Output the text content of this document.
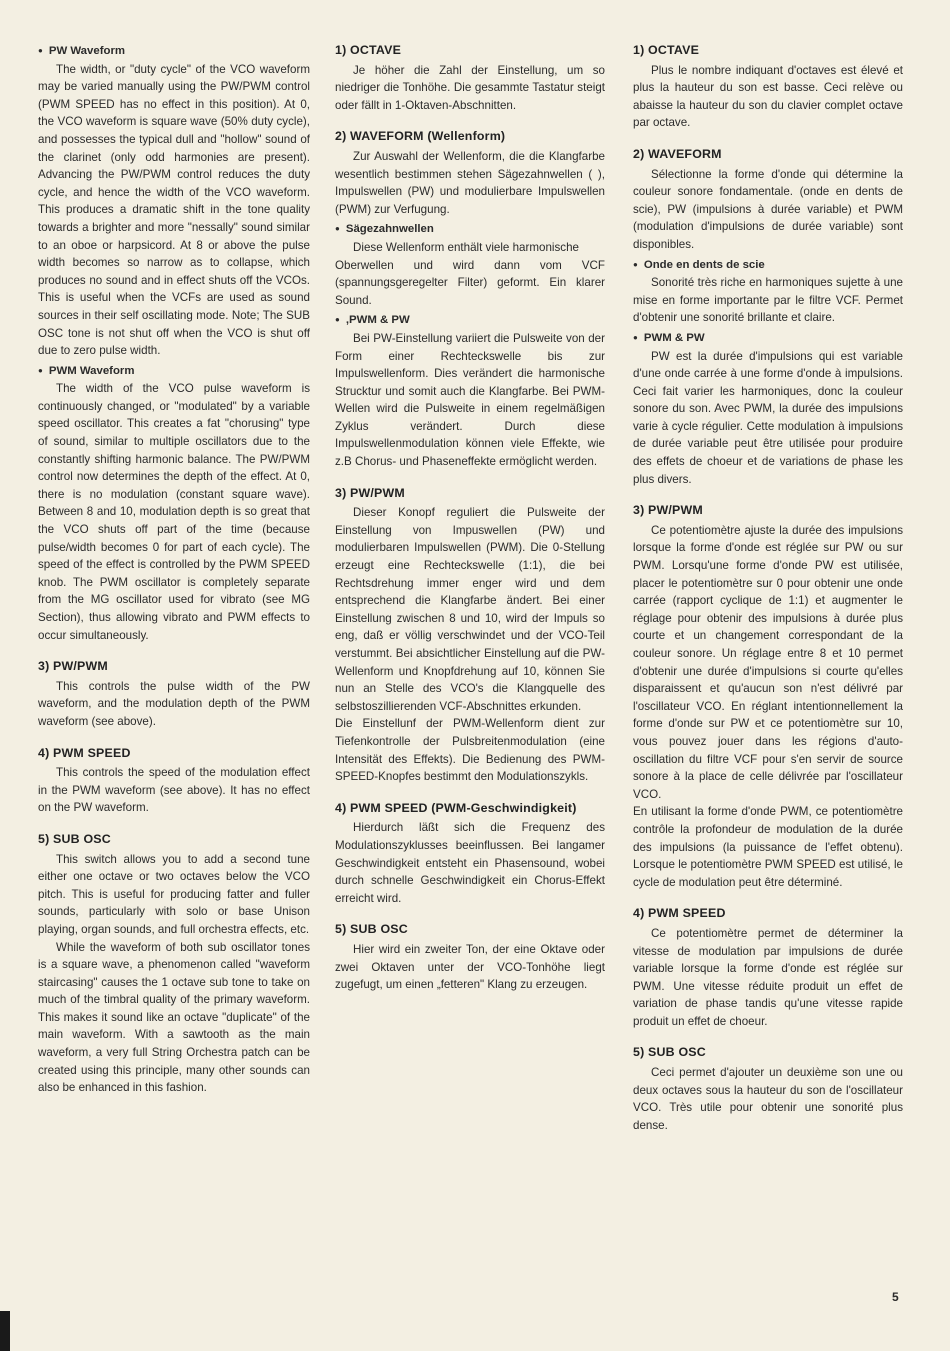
● PW Waveform

The width, or "duty cycle" of the VCO waveform may be varied manually using the PW/PWM control (PWM SPEED has no effect in this position). At 0, the VCO waveform is square wave (50% duty cycle), and possesses the typical dull and "hollow" sound of the clarinet (only odd harmonies are present). Advancing the PW/PWM control reduces the duty cycle, and hence the width of the VCO waveform. This produces a dramatic shift in the tone quality towards a brighter and more "nessally" sound similar to an oboe or harpsicord. At 8 or above the pulse width becomes so narrow as to collapse, which produces no sound and in effect shuts off the VCOs. This is useful when the VCFs are used as sound sources in their self oscillating mode. Note; The SUB OSC tone is not shut off when the VCO is shut off due to zero pulse width.

● PWM Waveform

The width of the VCO pulse waveform is continuously changed, or "modulated" by a variable speed oscillator. This creates a fat "chorusing" type of sound, similar to multiple oscillators due to the constantly shifting harmonic balance. The PW/PWM control now determines the depth of the effect. At 0, there is no modulation (constant square wave). Between 8 and 10, modulation depth is so great that the VCO shuts off part of the time (because pulse/width becomes 0 for part of each cycle). The speed of the effect is controlled by the PWM SPEED knob. The PWM oscillator is completely separate from the MG oscillator used for vibrato (see MG Section), thus allowing vibrato and PWM effects to occur simultaneously.

3) PW/PWM

This controls the pulse width of the PW waveform, and the modulation depth of the PWM waveform (see above).

4) PWM SPEED

This controls the speed of the modulation effect in the PWM waveform (see above). It has no effect on the PW waveform.

5) SUB OSC

This switch allows you to add a second tune either one octave or two octaves below the VCO pitch. This is useful for producing fatter and fuller sounds, particularly with solo or base Unison playing, organ sounds, and full orchestra effects, etc.

While the waveform of both sub oscillator tones is a square wave, a phenomenon called "waveform staircasing" causes the 1 octave sub tone to take on much of the timbral quality of the primary waveform. This makes it sound like an octave "duplicate" of the main waveform. With a sawtooth as the main waveform, a very full String Orchestra patch can be created using this principle, many other sounds can also be enhanced in this fashion.

1) OCTAVE

Je höher die Zahl der Einstellung, um so niedriger die Tonhöhe. Die gesammte Tastatur steigt oder fällt in 1-Oktaven-Abschnitten.

2) WAVEFORM (Wellenform)

Zur Auswahl der Wellenform, die die Klangfarbe wesentlich bestimmen stehen Sägezahnwellen ( ), Impulswellen (PW) und modulierbare Impulswellen (PWM) zur Verfugung.

● Sägezahnwellen

Diese Wellenform enthält viele harmonische

Oberwellen und wird dann vom VCF (spannungsgeregelter Filter) geformt. Ein klarer Sound.

● ,PWM & PW

Bei PW-Einstellung variiert die Pulsweite von der Form einer Rechteckswelle bis zur Impulswellenform. Dies verändert die harmonische Strucktur und somit auch die Klangfarbe. Bei PWM-Wellen wird die Pulsweite in einem regelmäßigen Zyklus verändert. Durch diese Impulswellenmodulation können viele Effekte, wie z.B Chorus- und Phaseneffekte ermöglicht werden.

3) PW/PWM

Dieser Konopf reguliert die Pulsweite der Einstellung von Impuswellen (PW) und modulierbaren Impulswellen (PWM). Die 0-Stellung erzeugt eine Rechteckswelle (1:1), die bei Rechtsdrehung immer enger wird und dem entsprechend die Klangfarbe ändert. Bei einer Einstellung zwischen 8 und 10, wird der Impuls so eng, daß er völlig verschwindet und der VCO-Teil verstummt. Bei absichtlicher Einstellung auf die PW-Wellenform und Knopfdrehung auf 10, können Sie nun an Stelle des VCO's die Klangquelle des selbstoszillierenden VCF-Abschnittes erkunden.

Die Einstellunf der PWM-Wellenform dient zur Tiefenkontrolle der Pulsbreitenmodulation (eine Intensität des Effekts). Die Bedienung des PWM-SPEED-Knopfes bestimmt den Modulationszykls.

4) PWM SPEED (PWM-Geschwindigkeit)

Hierdurch läßt sich die Frequenz des Modulationszyklusses beeinflussen. Bei langamer Geschwindigkeit entsteht ein Phasensound, wobei durch schnelle Geschwindigkeit ein Chorus-Effekt erreicht wird.

5) SUB OSC

Hier wird ein zweiter Ton, der eine Oktave oder zwei Oktaven unter der VCO-Tonhöhe liegt zugefugt, um einen „fetteren" Klang zu erzeugen.

1) OCTAVE

Plus le nombre indiquant d'octaves est élevé et plus la hauteur du son est basse. Ceci relève ou abaisse la hauteur du son du clavier complet octave par octave.

2) WAVEFORM

Sélectionne la forme d'onde qui détermine la couleur sonore fondamentale. (onde en dents de scie), PW (impulsions à durée variable) et PWM (modulation d'impulsions de durée variable) sont disponibles.

● Onde en dents de scie

Sonorité très riche en harmoniques sujette à une mise en forme importante par le filtre VCF. Permet d'obtenir une sonorité brillante et claire.

● PWM & PW

PW est la durée d'impulsions qui est variable d'une onde carrée à une forme d'onde à impulsions. Ceci fait varier les harmoniques, donc la couleur sonore du son. Avec PWM, la durée des impulsions varie à cycle régulier. Cette modulation à impulsions de durée variable peut être utilisée pour produire des effets de choeur et de variations de phase les plus divers.

3) PW/PWM

Ce potentiomètre ajuste la durée des impulsions lorsque la forme d'onde est réglée sur PW ou sur PWM. Lorsqu'une forme d'onde PW est utilisée, placer le potentiomètre sur 0 pour obtenir une onde carrée (rapport cyclique de 1:1) et augmenter le réglage pour obtenir des impulsions à durée plus courte et un changement correspondant de la couleur sonore. Un réglage entre 8 et 10 permet d'obtenir une durée d'impulsions si courte qu'elles disparaissent et qu'aucun son n'est délivré par l'oscillateur VCO. En réglant intentionnellement la forme d'onde sur PW et ce potentiomètre sur 10, vous pouvez jouer dans les régions d'auto-oscillation du filtre VCF pour s'en servir de source sonore à la place de celle délivrée par l'oscillateur VCO.

En utilisant la forme d'onde PWM, ce potentiomètre contrôle la profondeur de modulation de la durée des impulsions (la puissance de l'effet obtenu). Lorsque le potentiomètre PWM SPEED est utilisé, le cycle de modulation peut être déterminé.

4) PWM SPEED

Ce potentiomètre permet de déterminer la vitesse de modulation par impulsions de durée variable lorsque la forme d'onde est réglée sur PWM. Une vitesse réduite produit un effet de variation de phase tandis qu'une vitesse rapide produit un effet de choeur.

5) SUB OSC

Ceci permet d'ajouter un deuxième son une ou deux octaves sous la hauteur du son de l'oscillateur VCO. Très utile pour obtenir une sonorité plus dense.

5
